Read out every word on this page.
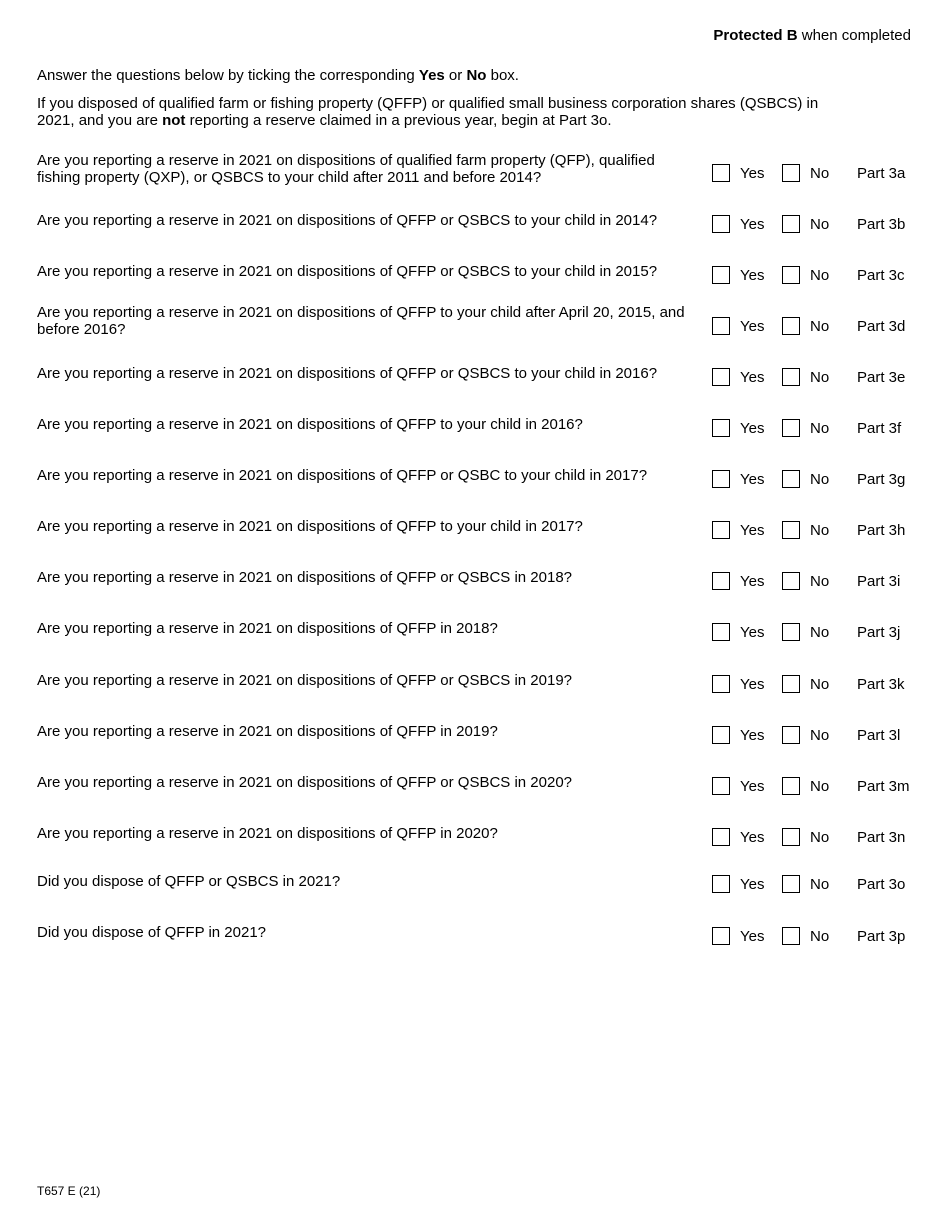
Protected B when completed
Answer the questions below by ticking the corresponding Yes or No box.
If you disposed of qualified farm or fishing property (QFFP) or qualified small business corporation shares (QSBCS) in 2021, and you are not reporting a reserve claimed in a previous year, begin at Part 3o.
Are you reporting a reserve in 2021 on dispositions of qualified farm property (QFP), qualified fishing property (QXP), or QSBCS to your child after 2011 and before 2014?	Yes	No Part 3a
Are you reporting a reserve in 2021 on dispositions of QFFP or QSBCS to your child in 2014?	Yes	No Part 3b
Are you reporting a reserve in 2021 on dispositions of QFFP or QSBCS to your child in 2015?	Yes	No Part 3c
Are you reporting a reserve in 2021 on dispositions of QFFP to your child after April 20, 2015, and before 2016?	Yes	No Part 3d
Are you reporting a reserve in 2021 on dispositions of QFFP or QSBCS to your child in 2016?	Yes	No Part 3e
Are you reporting a reserve in 2021 on dispositions of QFFP to your child in 2016?	Yes	No Part 3f
Are you reporting a reserve in 2021 on dispositions of QFFP or QSBC to your child in 2017?	Yes	No Part 3g
Are you reporting a reserve in 2021 on dispositions of QFFP to your child in 2017?	Yes	No Part 3h
Are you reporting a reserve in 2021 on dispositions of QFFP or QSBCS in 2018?	Yes	No Part 3i
Are you reporting a reserve in 2021 on dispositions of QFFP in 2018?	Yes	No Part 3j
Are you reporting a reserve in 2021 on dispositions of QFFP or QSBCS in 2019?	Yes	No Part 3k
Are you reporting a reserve in 2021 on dispositions of QFFP in 2019?	Yes	No Part 3l
Are you reporting a reserve in 2021 on dispositions of QFFP or QSBCS in 2020?	Yes	No Part 3m
Are you reporting a reserve in 2021 on dispositions of QFFP in 2020?	Yes	No Part 3n
Did you dispose of QFFP or QSBCS in 2021?	Yes	No Part 3o
Did you dispose of QFFP in 2021?	Yes	No Part 3p
T657 E (21)
